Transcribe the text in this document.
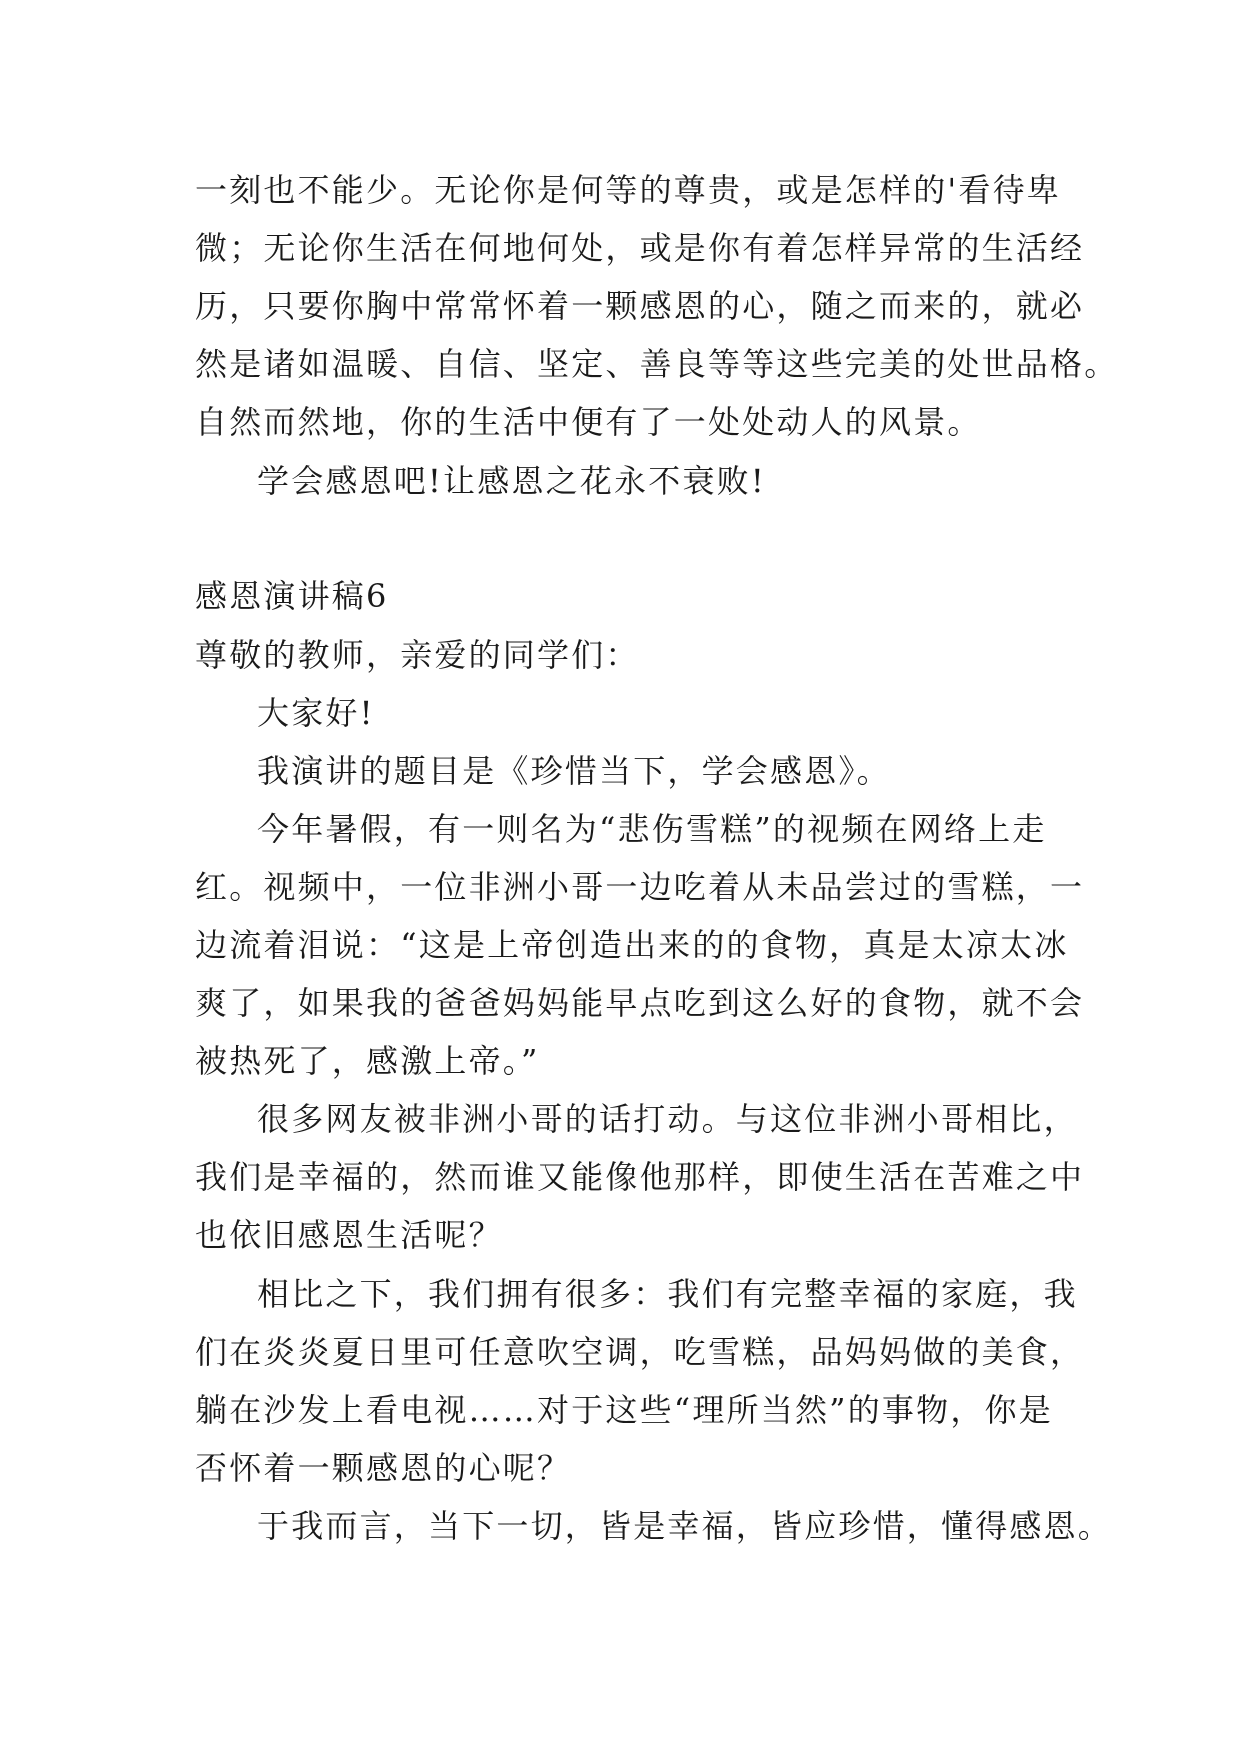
一刻也不能少。无论你是何等的尊贵，或是怎样的'看待卑
微；无论你生活在何地何处，或是你有着怎样异常的生活经
历，只要你胸中常常怀着一颗感恩的心，随之而来的，就必
然是诸如温暖、自信、坚定、善良等等这些完美的处世品格。
自然而然地，你的生活中便有了一处处动人的风景。
学会感恩吧!让感恩之花永不衰败!
感恩演讲稿6
尊敬的教师，亲爱的同学们：
大家好!
我演讲的题目是《珍惜当下，学会感恩》。
今年暑假，有一则名为“悲伤雪糕”的视频在网络上走
红。视频中，一位非洲小哥一边吃着从未品尝过的雪糕，一
边流着泪说：“这是上帝创造出来的的食物，真是太凉太冰
爽了，如果我的爸爸妈妈能早点吃到这么好的食物，就不会
被热死了，感激上帝。”
很多网友被非洲小哥的话打动。与这位非洲小哥相比，
我们是幸福的，然而谁又能像他那样，即使生活在苦难之中
也依旧感恩生活呢？
相比之下，我们拥有很多：我们有完整幸福的家庭，我
们在炎炎夏日里可任意吹空调，吃雪糕，品妈妈做的美食，
躺在沙发上看电视……对于这些“理所当然”的事物，你是
否怀着一颗感恩的心呢？
于我而言，当下一切，皆是幸福，皆应珍惜，懂得感恩。
